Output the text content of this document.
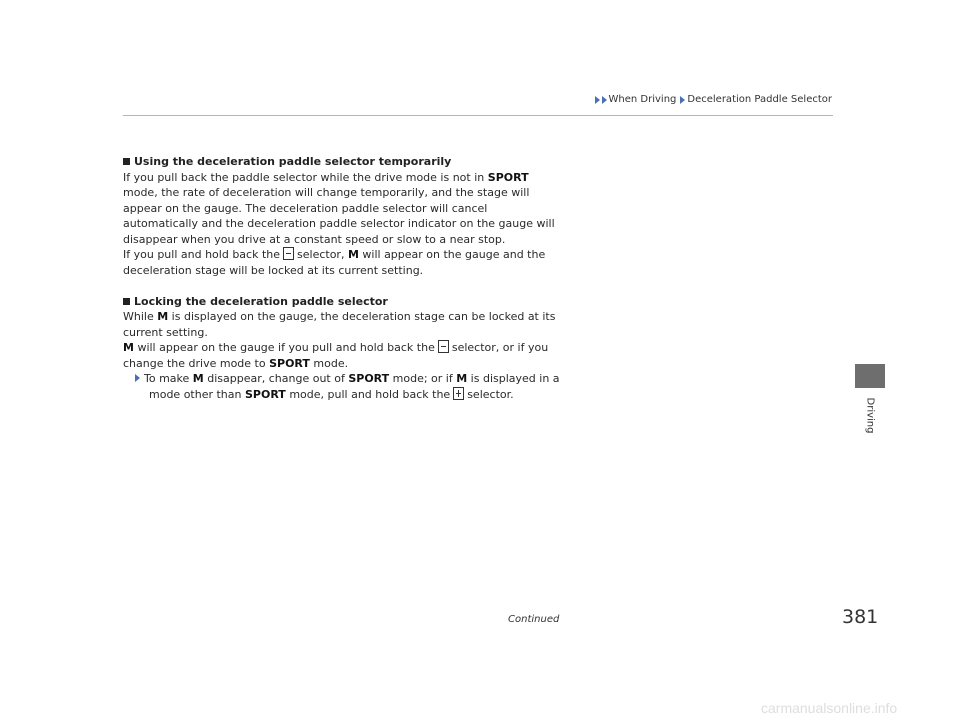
When Driving Deceleration Paddle Selector
Driving

Using the deceleration paddle selector temporarily

If you pull back the paddle selector while the drive mode is not in SPORT mode, the rate of deceleration will change temporarily, and the stage will appear on the gauge. The deceleration paddle selector will cancel automatically and the deceleration paddle selector indicator on the gauge will disappear when you drive at a constant speed or slow to a near stop.

If you pull and hold back the selector, M will appear on the gauge and the deceleration stage will be locked at its current setting.

Locking the deceleration paddle selector

While M is displayed on the gauge, the deceleration stage can be locked at its current setting.

M will appear on the gauge if you pull and hold back the selector, or if you change the drive mode to SPORT mode.

To make M disappear, change out of SPORT mode; or if M is displayed in a

mode other than SPORT mode, pull and hold back the selector.

Continued	381
carmanualsonline.info
